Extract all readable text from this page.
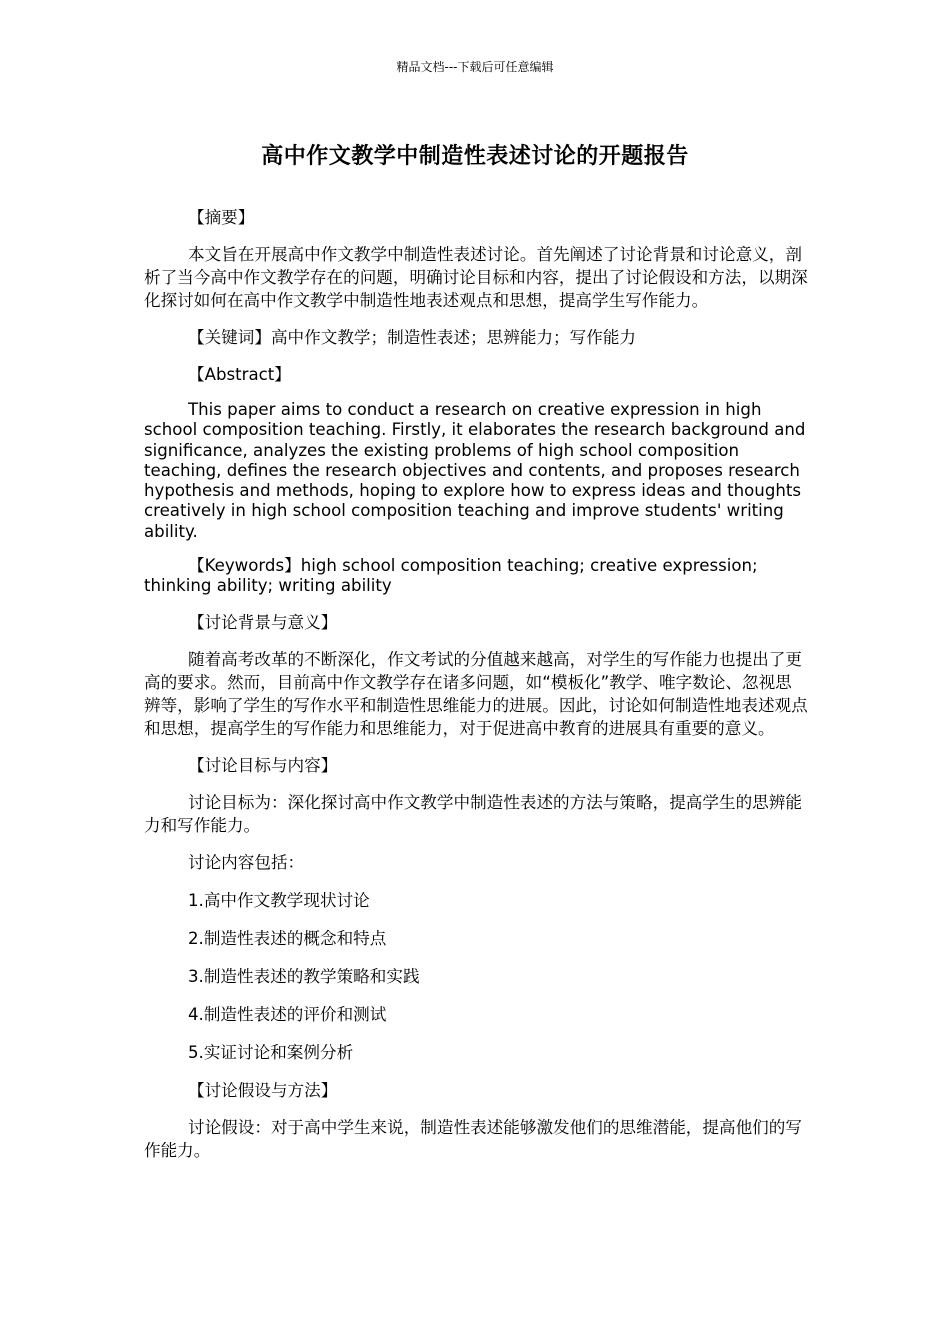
精品文档---下载后可任意编辑
高中作文教学中制造性表述讨论的开题报告

【摘要】

本文旨在开展高中作文教学中制造性表述讨论。首先阐述了讨论背景和讨论意义，剖析了当今高中作文教学存在的问题，明确讨论目标和内容，提出了讨论假设和方法，以期深化探讨如何在高中作文教学中制造性地表述观点和思想，提高学生写作能力。

【关键词】高中作文教学；制造性表述；思辨能力；写作能力

【Abstract】

This paper aims to conduct a research on creative expression in high school composition teaching. Firstly, it elaborates the research background and significance, analyzes the existing problems of high school composition teaching, defines the research objectives and contents, and proposes research hypothesis and methods, hoping to explore how to express ideas and thoughts creatively in high school composition teaching and improve students' writing ability.

【Keywords】high school composition teaching; creative expression; thinking ability; writing ability

【讨论背景与意义】

随着高考改革的不断深化，作文考试的分值越来越高，对学生的写作能力也提出了更高的要求。然而，目前高中作文教学存在诸多问题，如“模板化”教学、唯字数论、忽视思辨等，影响了学生的写作水平和制造性思维能力的进展。因此，讨论如何制造性地表述观点和思想，提高学生的写作能力和思维能力，对于促进高中教育的进展具有重要的意义。

【讨论目标与内容】

讨论目标为：深化探讨高中作文教学中制造性表述的方法与策略，提高学生的思辨能力和写作能力。

讨论内容包括：

1.高中作文教学现状讨论

2.制造性表述的概念和特点

3.制造性表述的教学策略和实践

4.制造性表述的评价和测试

5.实证讨论和案例分析

【讨论假设与方法】

讨论假设：对于高中学生来说，制造性表述能够激发他们的思维潜能，提高他们的写作能力。
